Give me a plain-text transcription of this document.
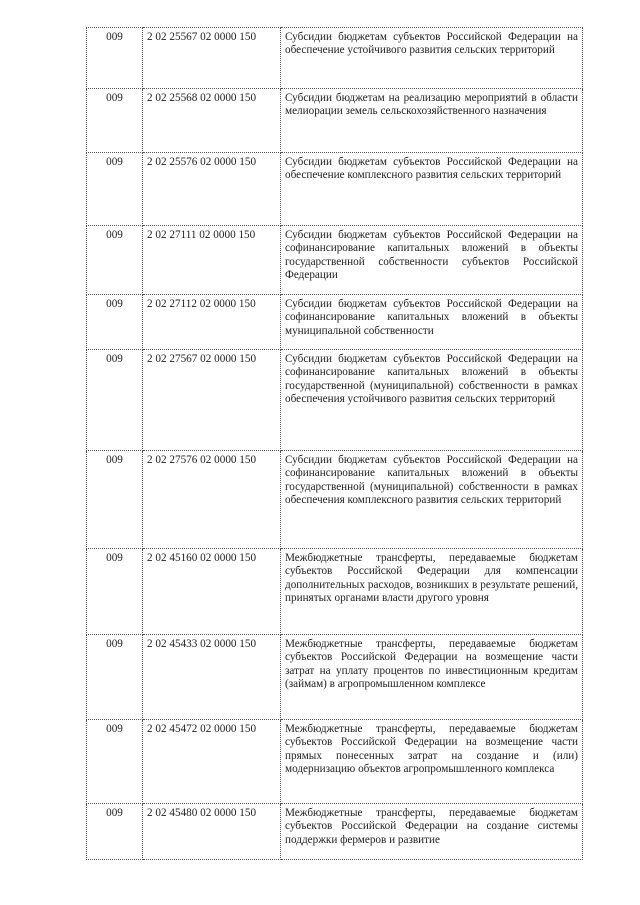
009	2 02 25567 02 0000 150	Субсидии бюджетам субъектов Российской Федерации на обеспечение устойчивого развития сельских территорий
009	2 02 25568 02 0000 150	Субсидии бюджетам на реализацию мероприятий в области мелиорации земель сельскохозяйственного назначения
009	2 02 25576 02 0000 150	Субсидии бюджетам субъектов Российской Федерации на обеспечение комплексного развития сельских территорий
009	2 02 27111 02 0000 150	Субсидии бюджетам субъектов Российской Федерации на софинансирование капитальных вложений в объекты государственной собственности субъектов Российской Федерации
009	2 02 27112 02 0000 150	Субсидии бюджетам субъектов Российской Федерации на софинансирование капитальных вложений в объекты муниципальной собственности
009	2 02 27567 02 0000 150	Субсидии бюджетам субъектов Российской Федерации на софинансирование капитальных вложений в объекты государственной (муниципальной) собственности в рамках обеспечения устойчивого развития сельских территорий
009	2 02 27576 02 0000 150	Субсидии бюджетам субъектов Российской Федерации на софинансирование капитальных вложений в объекты государственной (муниципальной) собственности в рамках обеспечения комплексного развития сельских территорий
009	2 02 45160 02 0000 150	Межбюджетные трансферты, передаваемые бюджетам субъектов Российской Федерации для компенсации дополнительных расходов, возникших в результате решений, принятых органами власти другого уровня
009	2 02 45433 02 0000 150	Межбюджетные трансферты, передаваемые бюджетам субъектов Российской Федерации на возмещение части затрат на уплату процентов по инвестиционным кредитам (займам) в агропромышленном комплексе
009	2 02 45472 02 0000 150	Межбюджетные трансферты, передаваемые бюджетам субъектов Российской Федерации на возмещение части прямых понесенных затрат на создание и (или) модернизацию объектов агропромышленного комплекса
009	2 02 45480 02 0000 150	Межбюджетные трансферты, передаваемые бюджетам субъектов Российской Федерации на создание системы поддержки фермеров и развитие
